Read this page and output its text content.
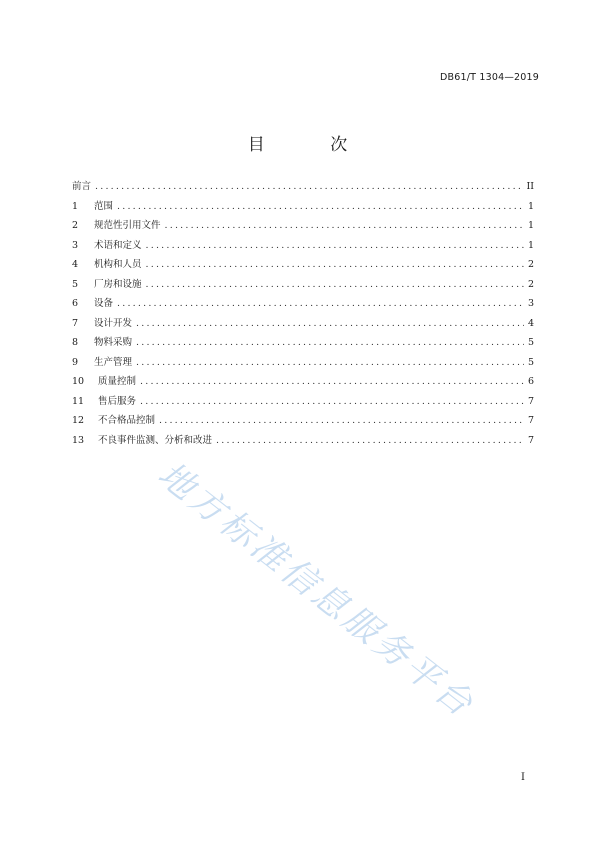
DB61/T 1304—2019
目 次
前言 .....	II
1	范围 .....	1
2	规范性引用文件 .....	1
3	术语和定义 .....	1
4	机构和人员 .....	2
5	厂房和设施 .....	2
6	设备 .....	3
7	设计开发 .....	4
8	物料采购 .....	5
9	生产管理 .....	5
10	质量控制 .....	6
11	售后服务 .....	7
12	不合格品控制 .....	7
13	不良事件监测、分析和改进 .....	7
地方标准信息服务平台
I
